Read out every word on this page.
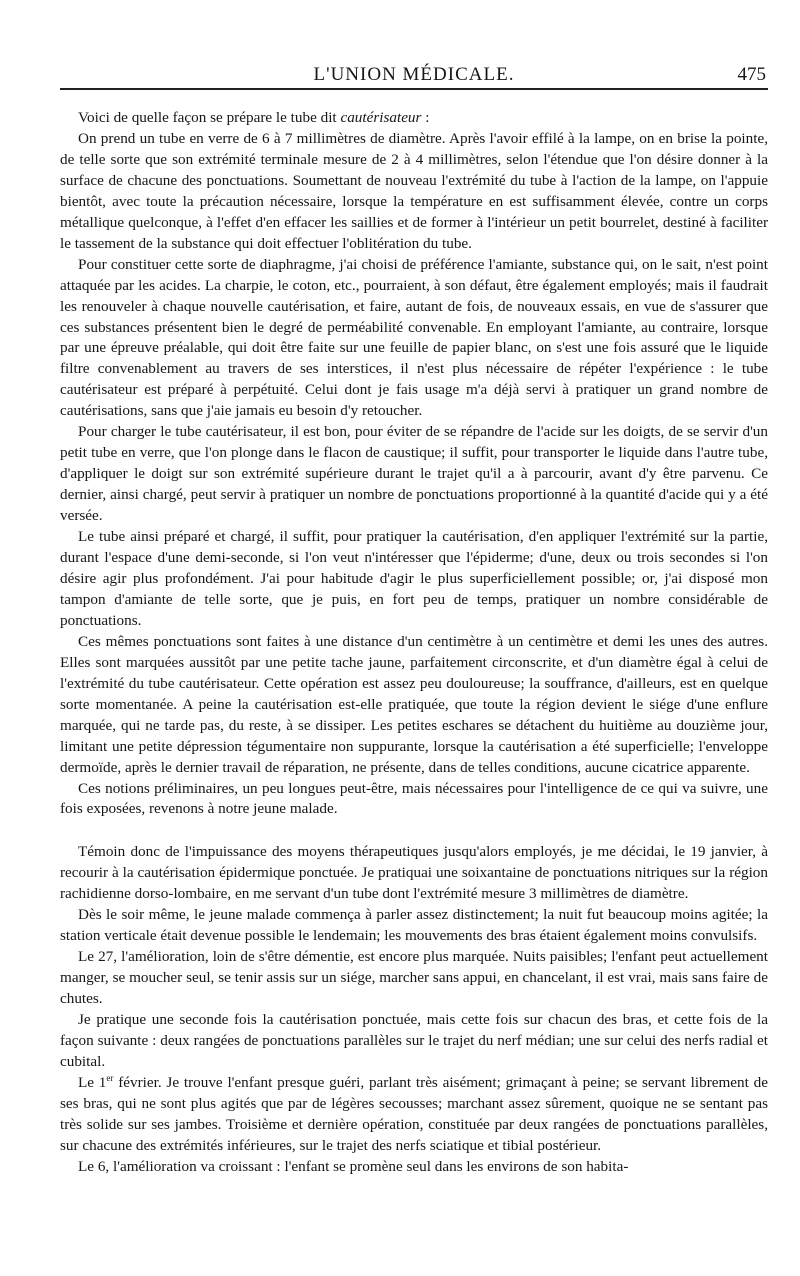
L'UNION MÉDICALE.	475

Voici de quelle façon se prépare le tube dit cautérisateur :

On prend un tube en verre de 6 à 7 millimètres de diamètre. Après l'avoir effilé à la lampe, on en brise la pointe, de telle sorte que son extrémité terminale mesure de 2 à 4 millimètres, selon l'étendue que l'on désire donner à la surface de chacune des ponctuations. Soumettant de nouveau l'extrémité du tube à l'action de la lampe, on l'appuie bientôt, avec toute la précaution nécessaire, lorsque la température en est suffisamment élevée, contre un corps métallique quelconque, à l'effet d'en effacer les saillies et de former à l'intérieur un petit bourrelet, destiné à faciliter le tassement de la substance qui doit effectuer l'oblitération du tube.

Pour constituer cette sorte de diaphragme, j'ai choisi de préférence l'amiante, substance qui, on le sait, n'est point attaquée par les acides. La charpie, le coton, etc., pourraient, à son défaut, être également employés; mais il faudrait les renouveler à chaque nouvelle cautérisation, et faire, autant de fois, de nouveaux essais, en vue de s'assurer que ces substances présentent bien le degré de perméabilité convenable. En employant l'amiante, au contraire, lorsque par une épreuve préalable, qui doit être faite sur une feuille de papier blanc, on s'est une fois assuré que le liquide filtre convenablement au travers de ses interstices, il n'est plus nécessaire de répéter l'expérience : le tube cautérisateur est préparé à perpétuité. Celui dont je fais usage m'a déjà servi à pratiquer un grand nombre de cautérisations, sans que j'aie jamais eu besoin d'y retoucher.

Pour charger le tube cautérisateur, il est bon, pour éviter de se répandre de l'acide sur les doigts, de se servir d'un petit tube en verre, que l'on plonge dans le flacon de caustique; il suffit, pour transporter le liquide dans l'autre tube, d'appliquer le doigt sur son extrémité supérieure durant le trajet qu'il a à parcourir, avant d'y être parvenu. Ce dernier, ainsi chargé, peut servir à pratiquer un nombre de ponctuations proportionné à la quantité d'acide qui y a été versée.

Le tube ainsi préparé et chargé, il suffit, pour pratiquer la cautérisation, d'en appliquer l'extrémité sur la partie, durant l'espace d'une demi-seconde, si l'on veut n'intéresser que l'épiderme; d'une, deux ou trois secondes si l'on désire agir plus profondément. J'ai pour habitude d'agir le plus superficiellement possible; or, j'ai disposé mon tampon d'amiante de telle sorte, que je puis, en fort peu de temps, pratiquer un nombre considérable de ponctuations.

Ces mêmes ponctuations sont faites à une distance d'un centimètre à un centimètre et demi les unes des autres. Elles sont marquées aussitôt par une petite tache jaune, parfaitement circonscrite, et d'un diamètre égal à celui de l'extrémité du tube cautérisateur. Cette opération est assez peu douloureuse; la souffrance, d'ailleurs, est en quelque sorte momentanée. A peine la cautérisation est-elle pratiquée, que toute la région devient le siége d'une enflure marquée, qui ne tarde pas, du reste, à se dissiper. Les petites eschares se détachent du huitième au douzième jour, limitant une petite dépression tégumentaire non suppurante, lorsque la cautérisation a été superficielle; l'enveloppe dermoïde, après le dernier travail de réparation, ne présente, dans de telles conditions, aucune cicatrice apparente.

Ces notions préliminaires, un peu longues peut-être, mais nécessaires pour l'intelligence de ce qui va suivre, une fois exposées, revenons à notre jeune malade.

Témoin donc de l'impuissance des moyens thérapeutiques jusqu'alors employés, je me décidai, le 19 janvier, à recourir à la cautérisation épidermique ponctuée. Je pratiquai une soixantaine de ponctuations nitriques sur la région rachidienne dorso-lombaire, en me servant d'un tube dont l'extrémité mesure 3 millimètres de diamètre.

Dès le soir même, le jeune malade commença à parler assez distinctement; la nuit fut beaucoup moins agitée; la station verticale était devenue possible le lendemain; les mouvements des bras étaient également moins convulsifs.

Le 27, l'amélioration, loin de s'être démentie, est encore plus marquée. Nuits paisibles; l'enfant peut actuellement manger, se moucher seul, se tenir assis sur un siége, marcher sans appui, en chancelant, il est vrai, mais sans faire de chutes.

Je pratique une seconde fois la cautérisation ponctuée, mais cette fois sur chacun des bras, et cette fois de la façon suivante : deux rangées de ponctuations parallèles sur le trajet du nerf médian; une sur celui des nerfs radial et cubital.

Le 1er février. Je trouve l'enfant presque guéri, parlant très aisément; grimaçant à peine; se servant librement de ses bras, qui ne sont plus agités que par de légères secousses; marchant assez sûrement, quoique ne se sentant pas très solide sur ses jambes. Troisième et dernière opération, constituée par deux rangées de ponctuations parallèles, sur chacune des extrémités inférieures, sur le trajet des nerfs sciatique et tibial postérieur.

Le 6, l'amélioration va croissant : l'enfant se promène seul dans les environs de son habita-
